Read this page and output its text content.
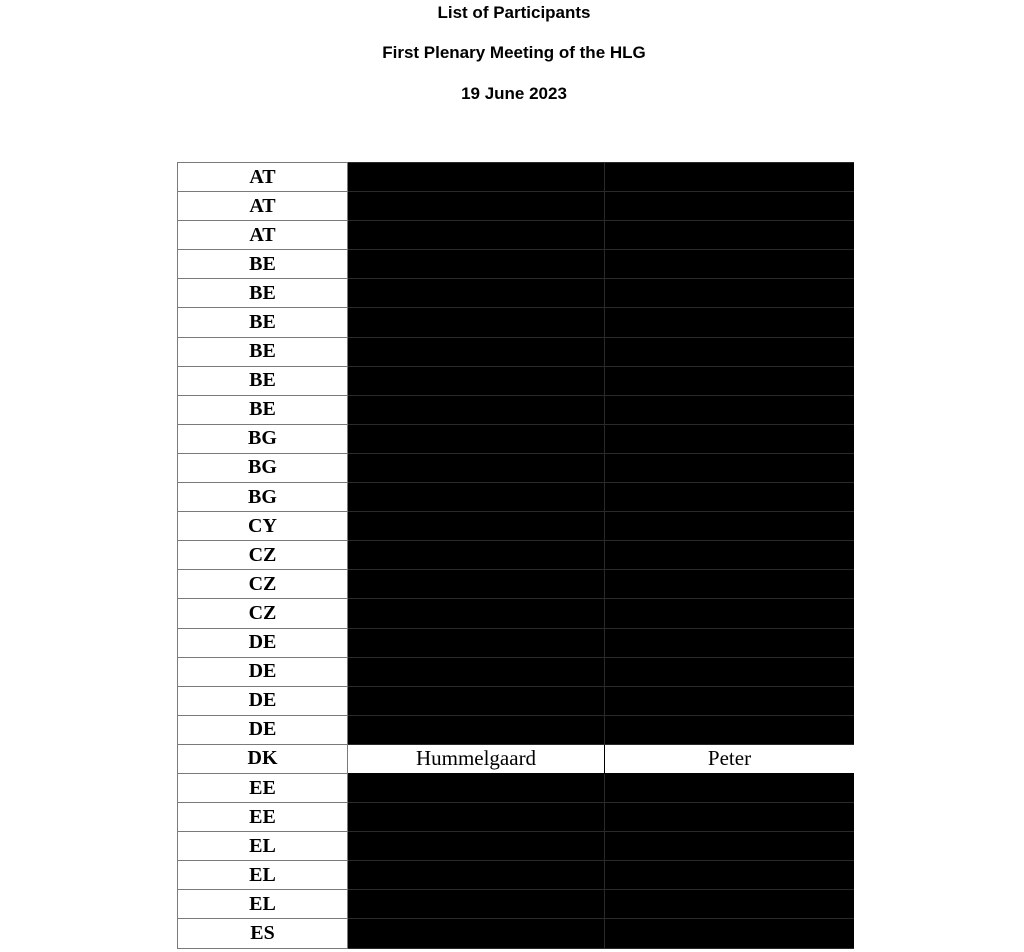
List of Participants
First Plenary Meeting of the HLG
19 June 2023
AT		
AT		
AT		
BE		
BE		
BE		
BE		
BE		
BE		
BG		
BG		
BG		
CY		
CZ		
CZ		
CZ		
DE		
DE		
DE		
DE		
DK	Hummelgaard	Peter
EE		
EE		
EL		
EL		
EL		
ES		
